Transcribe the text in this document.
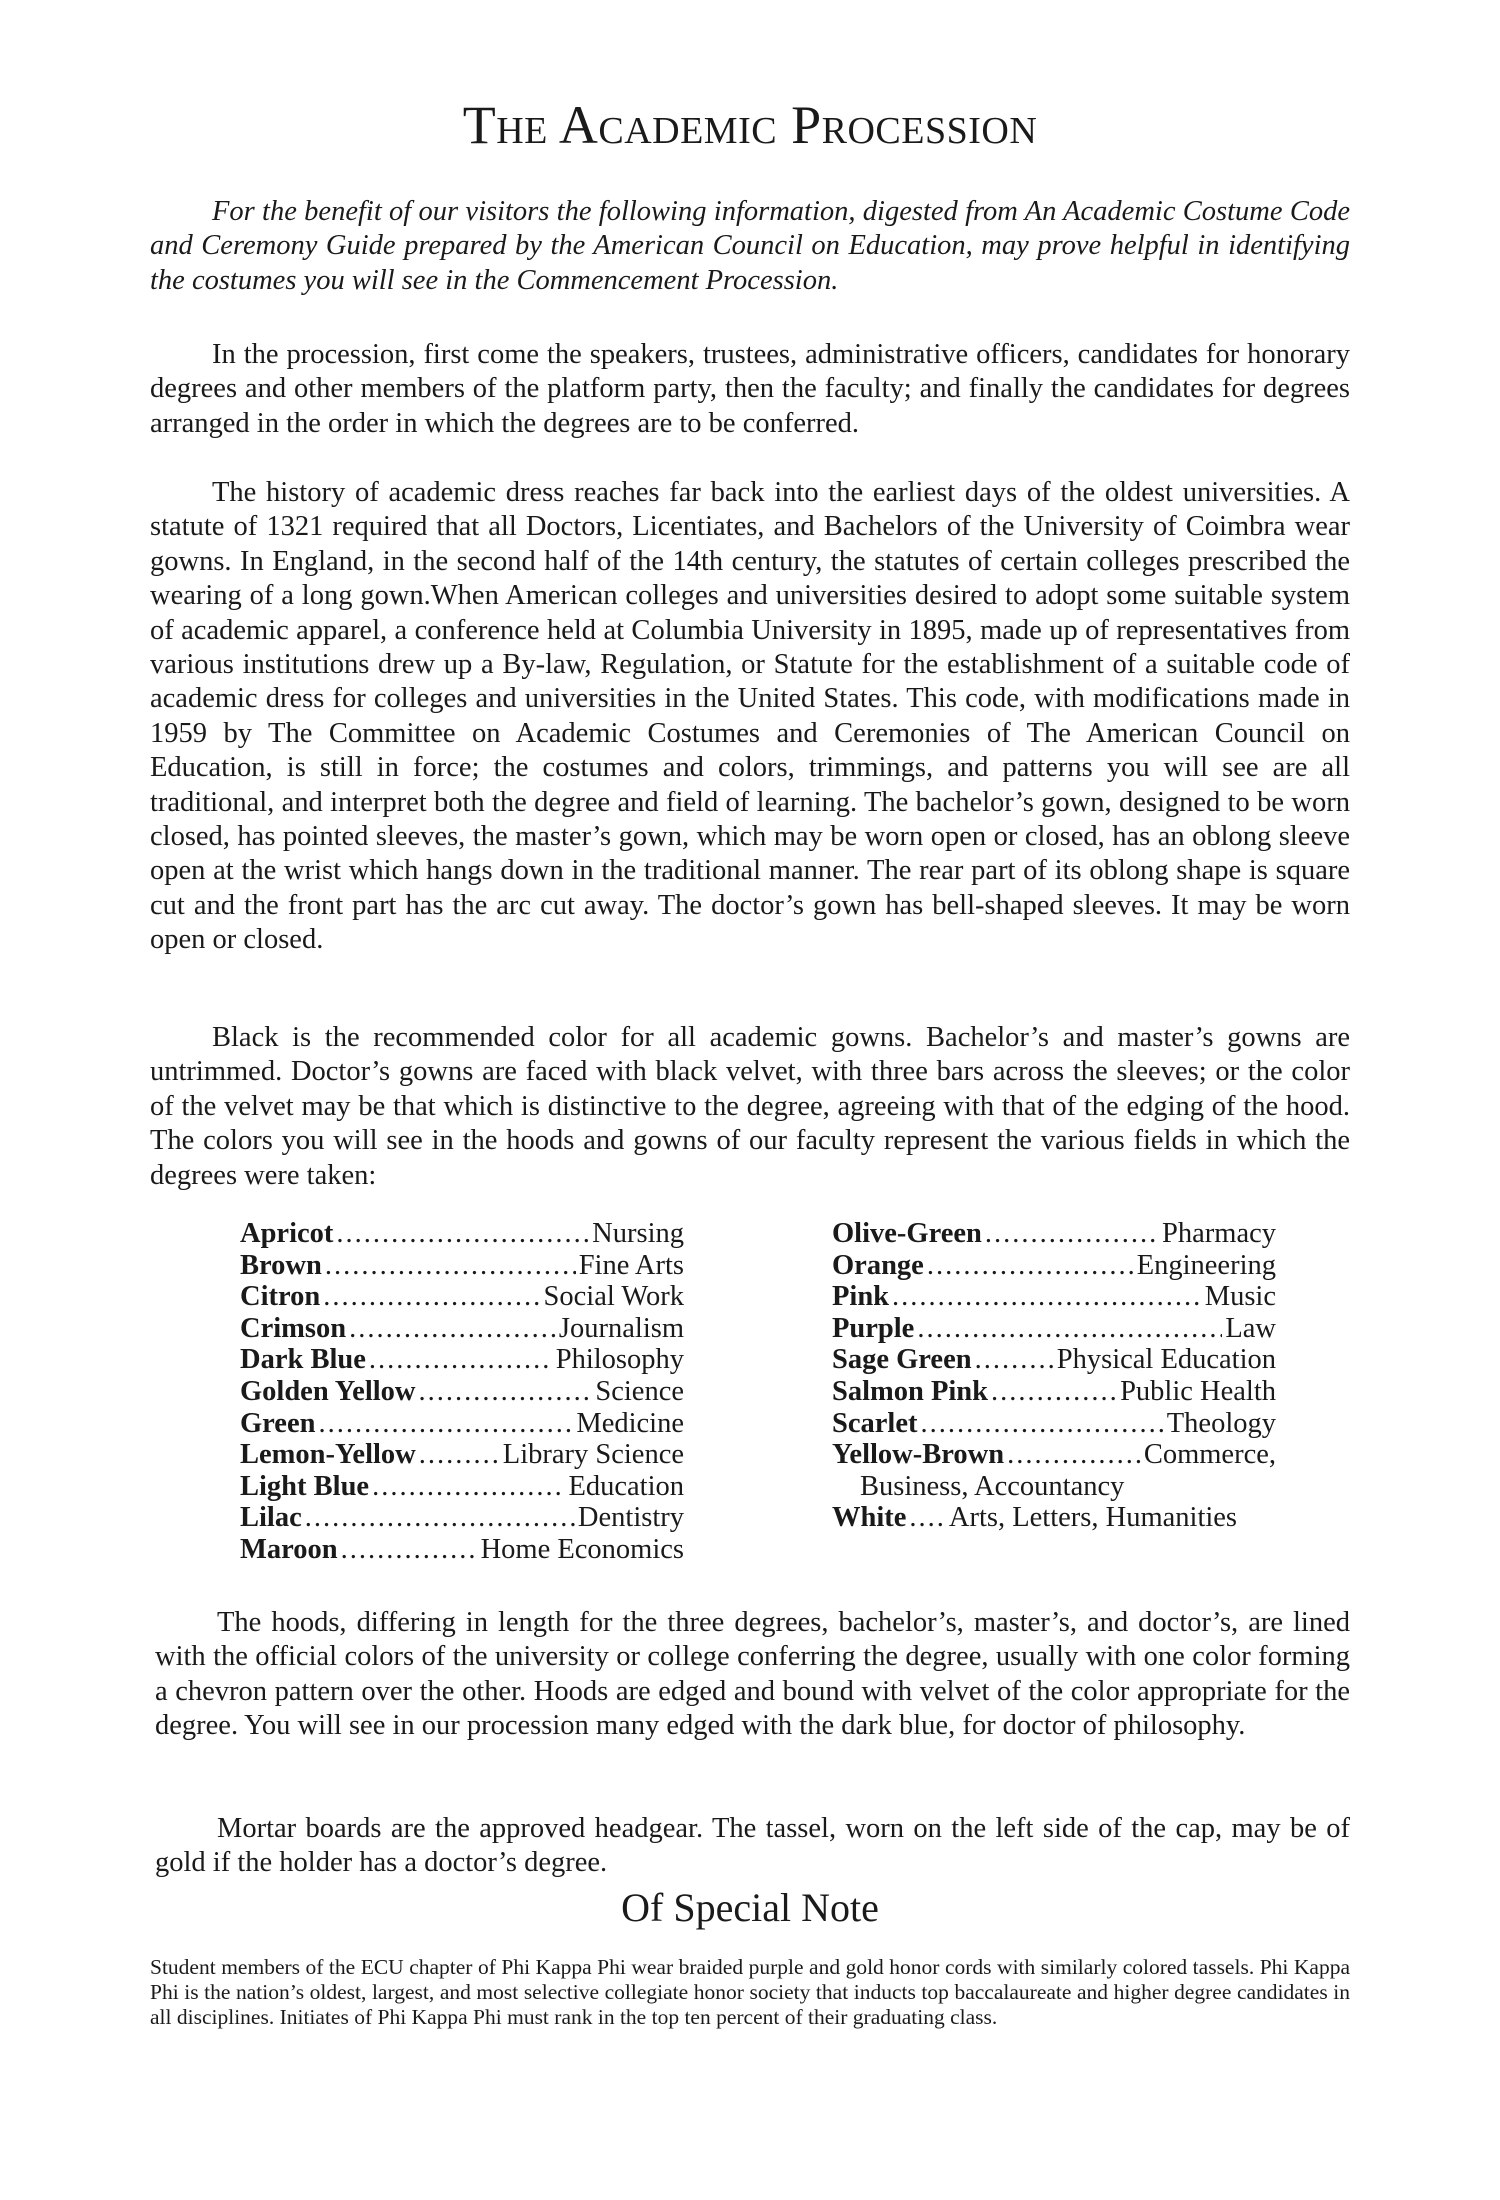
The Academic Procession

For the benefit of our visitors the following information, digested from An Academic Costume Code and Ceremony Guide prepared by the American Council on Education, may prove helpful in identifying the costumes you will see in the Commencement Procession.

In the procession, first come the speakers, trustees, administrative officers, candidates for honorary degrees and other members of the platform party, then the faculty; and finally the candidates for degrees arranged in the order in which the degrees are to be conferred.

The history of academic dress reaches far back into the earliest days of the oldest universities. A statute of 1321 required that all Doctors, Licentiates, and Bachelors of the University of Coimbra wear gowns. In England, in the second half of the 14th century, the statutes of certain colleges prescribed the wearing of a long gown.When American colleges and universities desired to adopt some suitable system of academic apparel, a conference held at Columbia University in 1895, made up of representatives from various institutions drew up a By-law, Regulation, or Statute for the establishment of a suitable code of academic dress for colleges and universities in the United States. This code, with modifications made in 1959 by The Committee on Academic Costumes and Ceremonies of The American Council on Education, is still in force; the costumes and colors, trimmings, and patterns you will see are all traditional, and interpret both the degree and field of learning. The bachelor’s gown, designed to be worn closed, has pointed sleeves, the master’s gown, which may be worn open or closed, has an oblong sleeve open at the wrist which hangs down in the traditional manner. The rear part of its oblong shape is square cut and the front part has the arc cut away. The doctor’s gown has bell-shaped sleeves. It may be worn open or closed.

Black is the recommended color for all academic gowns. Bachelor’s and master’s gowns are untrimmed. Doctor’s gowns are faced with black velvet, with three bars across the sleeves; or the color of the velvet may be that which is distinctive to the degree, agreeing with that of the edging of the hood. The colors you will see in the hoods and gowns of our faculty represent the various fields in which the degrees were taken:

Apricot .....	Nursing
Brown .....	Fine Arts
Citron .....	Social Work
Crimson .....	Journalism
Dark Blue .....	Philosophy
Golden Yellow .....	Science
Green .....	Medicine
Lemon-Yellow .....	Library Science
Light Blue .....	Education
Lilac .....	Dentistry
Maroon .....	Home Economics
Olive-Green .....	Pharmacy
Orange .....	Engineering
Pink .....	Music
Purple .....	Law
Sage Green .....	Physical Education
Salmon Pink .....	Public Health
Scarlet .....	Theology
Yellow-Brown .....	Commerce,
Business, Accountancy
White .... Arts, Letters, Humanities

The hoods, differing in length for the three degrees, bachelor’s, master’s, and doctor’s, are lined with the official colors of the university or college conferring the degree, usually with one color forming a chevron pattern over the other. Hoods are edged and bound with velvet of the color appropriate for the degree. You will see in our procession many edged with the dark blue, for doctor of philosophy.

Mortar boards are the approved headgear. The tassel, worn on the left side of the cap, may be of gold if the holder has a doctor’s degree.

Of Special Note

Student members of the ECU chapter of Phi Kappa Phi wear braided purple and gold honor cords with similarly colored tassels. Phi Kappa Phi is the nation’s oldest, largest, and most selective collegiate honor society that inducts top baccalaureate and higher degree candidates in all disciplines. Initiates of Phi Kappa Phi must rank in the top ten percent of their graduating class.
